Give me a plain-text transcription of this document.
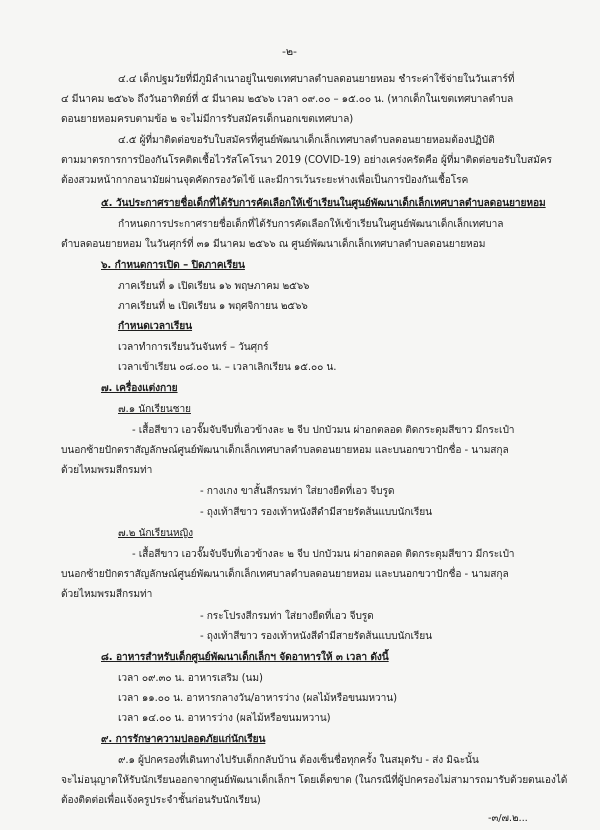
-๒-
๔.๔ เด็กปฐมวัยที่มีภูมิลำเนาอยู่ในเขตเทศบาลตำบลดอนยายหอม ชำระค่าใช้จ่ายในวันเสาร์ที่
๔ มีนาคม ๒๕๖๖ ถึงวันอาทิตย์ที่ ๕ มีนาคม ๒๕๖๖ เวลา ๐๙.๐๐ – ๑๕.๐๐ น. (หากเด็กในเขตเทศบาลตำบล
ดอนยายหอมครบตามข้อ ๒ จะไม่มีการรับสมัครเด็กนอกเขตเทศบาล)
๔.๕ ผู้ที่มาติดต่อขอรับใบสมัครที่ศูนย์พัฒนาเด็กเล็กเทศบาลตำบลดอนยายหอมต้องปฏิบัติ
ตามมาตรการการป้องกันโรคติดเชื้อไวรัสโคโรนา 2019 (COVID-19) อย่างเคร่งครัดคือ ผู้ที่มาติดต่อขอรับใบสมัคร
ต้องสวมหน้ากากอนามัยผ่านจุดคัดกรองวัดไข้ และมีการเว้นระยะห่างเพื่อเป็นการป้องกันเชื้อโรค
๕. วันประกาศรายชื่อเด็กที่ได้รับการคัดเลือกให้เข้าเรียนในศูนย์พัฒนาเด็กเล็กเทศบาลตำบลดอนยายหอม
กำหนดการประกาศรายชื่อเด็กที่ได้รับการคัดเลือกให้เข้าเรียนในศูนย์พัฒนาเด็กเล็กเทศบาล
ตำบลดอนยายหอม ในวันศุกร์ที่ ๓๑ มีนาคม ๒๕๖๖ ณ ศูนย์พัฒนาเด็กเล็กเทศบาลตำบลดอนยายหอม
๖. กำหนดการเปิด – ปิดภาคเรียน
ภาคเรียนที่ ๑ เปิดเรียน ๑๖ พฤษภาคม ๒๕๖๖
ภาคเรียนที่ ๒ เปิดเรียน ๑ พฤศจิกายน ๒๕๖๖
กำหนดเวลาเรียน
เวลาทำการเรียนวันจันทร์ – วันศุกร์
เวลาเข้าเรียน ๐๘.๐๐ น. – เวลาเลิกเรียน ๑๕.๐๐ น.
๗. เครื่องแต่งกาย
๗.๑ นักเรียนชาย
- เสื้อสีขาว เอวจั๊มจับจีบที่เอวข้างละ ๒ จีบ ปกบัวมน ผ่าอกตลอด ติดกระดุมสีขาว มีกระเป๋า
บนอกซ้ายปักตราสัญลักษณ์ศูนย์พัฒนาเด็กเล็กเทศบาลตำบลดอนยายหอม และบนอกขวาปักชื่อ - นามสกุล
ด้วยไหมพรมสีกรมท่า
- กางเกง ขาสั้นสีกรมท่า ใส่ยางยืดที่เอว จีบรูด
- ถุงเท้าสีขาว รองเท้าหนังสีดำมีสายรัดส้นแบบนักเรียน
๗.๒ นักเรียนหญิง
- เสื้อสีขาว เอวจั๊มจับจีบที่เอวข้างละ ๒ จีบ ปกบัวมน ผ่าอกตลอด ติดกระดุมสีขาว มีกระเป๋า
บนอกซ้ายปักตราสัญลักษณ์ศูนย์พัฒนาเด็กเล็กเทศบาลตำบลดอนยายหอม และบนอกขวาปักชื่อ - นามสกุล
ด้วยไหมพรมสีกรมท่า
- กระโปรงสีกรมท่า ใส่ยางยืดที่เอว จีบรูด
- ถุงเท้าสีขาว รองเท้าหนังสีดำมีสายรัดส้นแบบนักเรียน
๘. อาหารสำหรับเด็กศูนย์พัฒนาเด็กเล็กฯ จัดอาหารให้ ๓ เวลา ดังนี้
เวลา ๐๙.๓๐ น. อาหารเสริม (นม)
เวลา ๑๑.๐๐ น. อาหารกลางวัน/อาหารว่าง (ผลไม้หรือขนมหวาน)
เวลา ๑๔.๐๐ น. อาหารว่าง (ผลไม้หรือขนมหวาน)
๙. การรักษาความปลอดภัยแก่นักเรียน
๙.๑ ผู้ปกครองที่เดินทางไปรับเด็กกลับบ้าน ต้องเซ็นชื่อทุกครั้ง ในสมุดรับ - ส่ง มิฉะนั้น
จะไม่อนุญาตให้รับนักเรียนออกจากศูนย์พัฒนาเด็กเล็กฯ โดยเด็ดขาด (ในกรณีที่ผู้ปกครองไม่สามารถมารับด้วยตนเองได้
ต้องติดต่อเพื่อแจ้งครูประจำชั้นก่อนรับนักเรียน)
-๓/๗.๒...
